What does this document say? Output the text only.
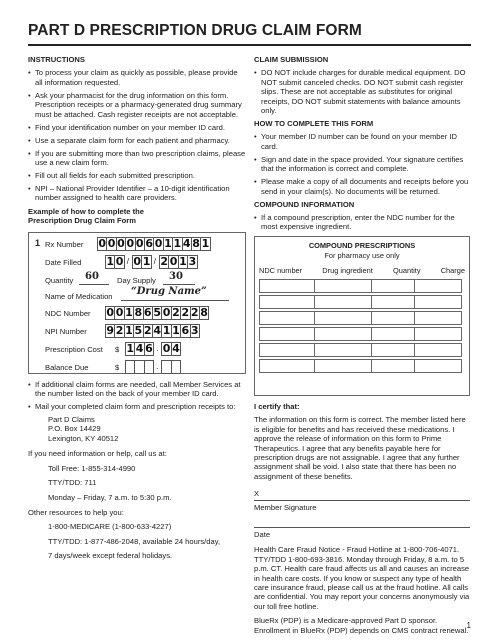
PART D PRESCRIPTION DRUG CLAIM FORM
INSTRUCTIONS
• To process your claim as quickly as possible, please provide all information requested.
• Ask your pharmacist for the drug information on this form. Prescription receipts or a pharmacy-generated drug summary must be attached. Cash register receipts are not acceptable.
• Find your identification number on your member ID card.
• Use a separate claim form for each patient and pharmacy.
• If you are submitting more than two prescription claims, please use a new claim form.
• Fill out all fields for each submitted prescription.
• NPI – National Provider Identifier – a 10-digit identification number assigned to health care providers.
Example of how to complete the
Prescription Drug Claim Form
1 Rx Number 0 0 0 0 0 6 0 1 1 4 8 1
Date Filled 1 0 / 0 1 / 2 0 1 3
Quantity 60 Day Supply 30
Name of Medication “Drug Name”
NDC Number 0 0 1 8 6 5 0 2 2 2 8
NPI Number 9 2 1 5 2 4 1 1 6 3
Prescription Cost $ 1 4 6 . 0 4
Balance Due	$	.
• If additional claim forms are needed, call Member Services at the number listed on the back of your member ID card.
• Mail your completed claim form and prescription receipts to:
Part D Claims
P.O. Box 14429
Lexington, KY 40512
If you need information or help, call us at:
Toll Free: 1-855-314-4990
TTY/TDD: 711
Monday – Friday, 7 a.m. to 5:30 p.m.
Other resources to help you:
1-800-MEDICARE (1-800-633-4227)
TTY/TDD: 1-877-486-2048, available 24 hours/day,
7 days/week except federal holidays.
CLAIM SUBMISSION
• DO NOT include charges for durable medical equipment. DO NOT submit canceled checks. DO NOT submit cash register slips. These are not acceptable as substitutes for original receipts, DO NOT submit statements with balance amounts only.
HOW TO COMPLETE THIS FORM
• Your member ID number can be found on your member ID card.
• Sign and date in the space provided. Your signature certifies that the information is correct and complete.
• Please make a copy of all documents and receipts before you send in your claim(s). No documents will be returned.
COMPOUND INFORMATION
• If a compound prescription, enter the NDC number for the most expensive ingredient.
COMPOUND PRESCRIPTIONS
For pharmacy use only
NDC number	Drug ingredient	Quantity	Charge
I certify that:
The information on this form is correct. The member listed here is eligible for benefits and has received these medications. I approve the release of information on this form to Prime Therapeutics. I agree that any benefits payable here for prescription drugs are not assignable. I agree that any further assignment shall be void. I also state that there has been no assignment of these benefits.
X
Member Signature
Date
Health Care Fraud Notice - Fraud Hotline at 1-800-706-4071. TTY/TDD 1-800-693-3816. Monday through Friday, 8 a.m. to 5 p.m. CT. Health care fraud affects us all and causes an increase in health care costs. If you know or suspect any type of health care insurance fraud, please call us at the fraud hotline. All calls are confidential. You may report your concerns anonymously via our toll free hotline.
BlueRx (PDP) is a Medicare-approved Part D sponsor. Enrollment in BlueRx (PDP) depends on CMS contract renewal.
1
